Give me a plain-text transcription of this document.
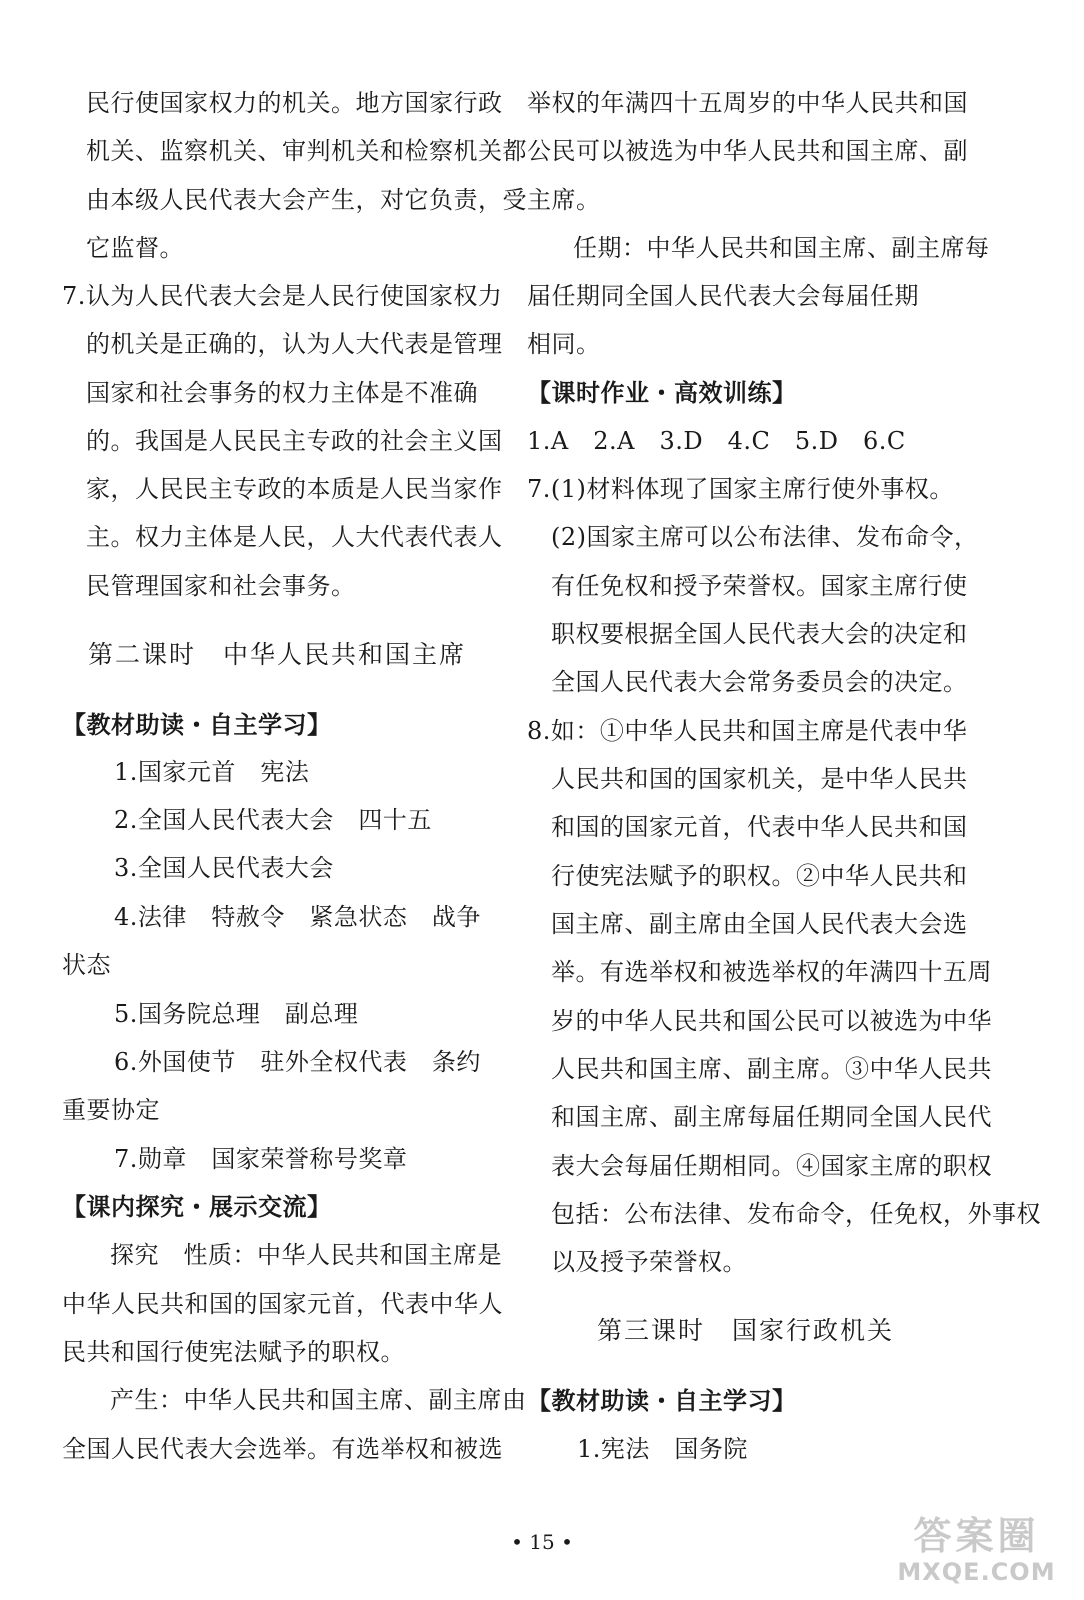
民行使国家权力的机关。地方国家行政
机关、监察机关、审判机关和检察机关都
由本级人民代表大会产生，对它负责，受
它监督。
7.认为人民代表大会是人民行使国家权力
的机关是正确的，认为人大代表是管理
国家和社会事务的权力主体是不准确
的。我国是人民民主专政的社会主义国
家，人民民主专政的本质是人民当家作
主。权力主体是人民，人大代表代表人
民管理国家和社会事务。
第二课时　中华人民共和国主席
【教材助读・自主学习】
1.国家元首　宪法
2.全国人民代表大会　四十五
3.全国人民代表大会
4.法律　特赦令　紧急状态　战争
状态
5.国务院总理　副总理
6.外国使节　驻外全权代表　条约
重要协定
7.勋章　国家荣誉称号奖章
【课内探究・展示交流】
探究　性质：中华人民共和国主席是
中华人民共和国的国家元首，代表中华人
民共和国行使宪法赋予的职权。
产生：中华人民共和国主席、副主席由
全国人民代表大会选举。有选举权和被选
举权的年满四十五周岁的中华人民共和国
公民可以被选为中华人民共和国主席、副
主席。
任期：中华人民共和国主席、副主席每
届任期同全国人民代表大会每届任期
相同。
【课时作业・高效训练】
1.A　2.A　3.D　4.C　5.D　6.C
7.(1)材料体现了国家主席行使外事权。
(2)国家主席可以公布法律、发布命令，
有任免权和授予荣誉权。国家主席行使
职权要根据全国人民代表大会的决定和
全国人民代表大会常务委员会的决定。
8.如：①中华人民共和国主席是代表中华
人民共和国的国家机关，是中华人民共
和国的国家元首，代表中华人民共和国
行使宪法赋予的职权。②中华人民共和
国主席、副主席由全国人民代表大会选
举。有选举权和被选举权的年满四十五周
岁的中华人民共和国公民可以被选为中华
人民共和国主席、副主席。③中华人民共
和国主席、副主席每届任期同全国人民代
表大会每届任期相同。④国家主席的职权
包括：公布法律、发布命令，任免权，外事权
以及授予荣誉权。
第三课时　国家行政机关
【教材助读・自主学习】
1.宪法　国务院
• 15 •	答案圈
MXQE.COM
